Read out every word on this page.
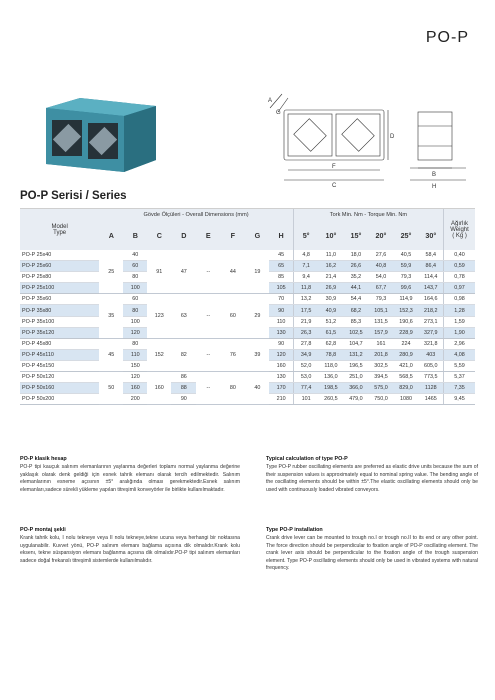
PO-P
A
G
D
F
C
B
H
PO-P Serisi / Series
Model
Type	Gövde Ölçüleri - Overall Dimensions (mm)								Tork Min. Nm - Torque Min. Nm						Ağırlık
Weight
( Kg )
	A	B	C	D	E	F	G	H	5°	10°	15°	20°	25°	30°	
PO-P 25x40	25	40	91	47	--	44	19	45	4,8	11,0	18,0	27,6	40,5	58,4	0,40
PO-P 25x60		60						65	7,1	16,2	26,6	40,8	59,9	86,4	0,59
PO-P 25x80		80						85	9,4	21,4	35,2	54,0	79,3	114,4	0,78
PO-P 25x100		100						105	11,8	26,9	44,1	67,7	99,6	143,7	0,97
PO-P 35x60	35	60	123	63	--	60	29	70	13,2	30,9	54,4	79,3	114,9	164,6	0,98
PO-P 35x80		80						90	17,5	40,9	68,2	105,1	152,3	218,2	1,28
PO-P 35x100		100						110	21,9	51,2	85,3	131,5	190,6	273,1	1,59
PO-P 35x120		120						130	26,3	61,5	102,5	157,9	228,9	327,9	1,90
PO-P 45x80	45	80	152	82	--	76	39	90	27,8	62,8	104,7	161	224	321,8	2,96
PO-P 45x110		110						120	34,9	78,8	131,2	201,8	280,9	403	4,08
PO-P 45x150		150						160	52,0	118,0	196,5	302,5	421,0	605,0	5,59
PO-P 50x120	50	120	160	86	--	80	40	130	53,0	136,0	251,0	394,5	568,5	773,5	5,37
PO-P 50x160		160		88				170	77,4	198,5	366,0	575,0	829,0	1128	7,35
PO-P 50x200		200		90				210	101	260,5	479,0	750,0	1080	1465	9,45
PO-P klasik hesap

PO-P tipi kauçuk salınım elemanlarının yaylanma değerleri toplamı normal yaylanma değerine yaklaşık olarak denk geldiği için esnek tahrik elemanı olarak tercih edilmektedir. Salınım elemanlarının esneme açısının ±5° aralığında olması gerekmektedir.Esnek salınım elemanları,sadece sürekli yükleme yapılan titreşimli konveyörler ile birlikte kullanılmaktadır.

Typical calculation of type PO-P

Type PO-P rubber oscillating elements are preferred as elastic drive units because the sum of their suspension values is approximately equal to nominal spring value. The bending angle of the oscillating elements should be within ±5°.The elastic oscillating elements should only be used with continuously loaded vibrated conveyors.

PO-P montaj şekli

Krank tahrik kolu, I nolu tekneye veya II nolu tekneye,tekne ucuna veya herhangi bir noktasına uygulanabilir. Kuvvet yönü, PO-P salınım elemanı bağlama açısına dik olmalıdır.Krank kolu eksenı, tekne süspansiyon elemanı bağlanma açısına dik olmalıdır.PO-P tipi salınım elemanları sadece doğal frekanslı titreşimli sistemlerde kullanılmalıdır.

Type PO-P installation

Crank drive lever can be mounted to trough no.I or trough no.II to its end or any other point. The force direction should be perpendicular to fixation angle of PO-P oscillating element. The crank lever axis should be perpendicular to the fixation angle of the trough suspension element. Type PO-P oscillating elements should only be used in vibrated systems with natural frequency.
